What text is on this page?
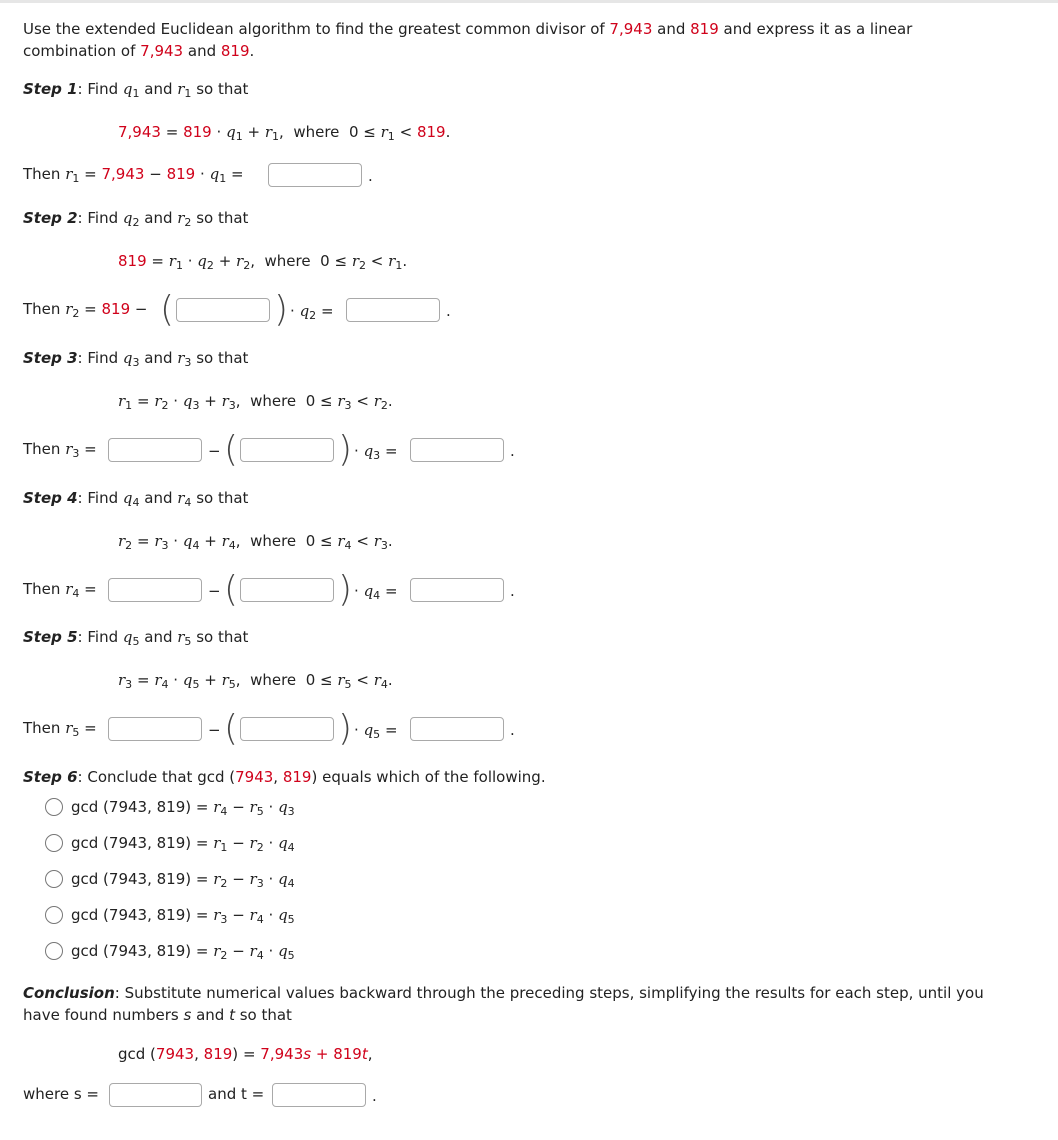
Use the extended Euclidean algorithm to find the greatest common divisor of 7,943 and 819 and express it as a linear
combination of 7,943 and 819.
Step 1: Find $q_1$ and $r_1$ so that
$7,943 = 819 \cdot q_1 + r_1$,  where $0 \le r_1 < 819$.
Then $r_1 = 7,943 - 819 \cdot q_1$ =	.
Step 2: Find $q_2$ and $r_2$ so that
$819 = r_1 \cdot q_2 + r_2$,  where $0 \le r_2 < r_1$.
Then $r_2 = 819$ − (	) · $q_2$ =	.
Step 3: Find $q_3$ and $r_3$ so that
$r_1 = r_2 \cdot q_3 + r_3$,  where $0 \le r_3 < r_2$.
Then $r_3$ =	− (	) · $q_3$ =	.
Step 4: Find $q_4$ and $r_4$ so that
$r_2 = r_3 \cdot q_4 + r_4$,  where $0 \le r_4 < r_3$.
Then $r_4$ =	− (	) · $q_4$ =	.
Step 5: Find $q_5$ and $r_5$ so that
$r_3 = r_4 \cdot q_5 + r_5$,  where $0 \le r_5 < r_4$.
Then $r_5$ =	− (	) · $q_5$ =	.
Step 6: Conclude that gcd (7943, 819) equals which of the following.
gcd (7943, $819) = r_4 - r_5 \cdot q_3$
gcd (7943, $819) = r_1 - r_2 \cdot q_4$
gcd (7943, $819) = r_2 - r_3 \cdot q_4$
gcd (7943, $819) = r_3 - r_4 \cdot q_5$
gcd (7943, $819) = r_2 - r_4 \cdot q_5$
Conclusion: Substitute numerical values backward through the preceding steps, simplifying the results for each step, until you
have found numbers s and t so that
gcd (7943, 819) = 7,943s + 819t,
where s =	and t =	.
